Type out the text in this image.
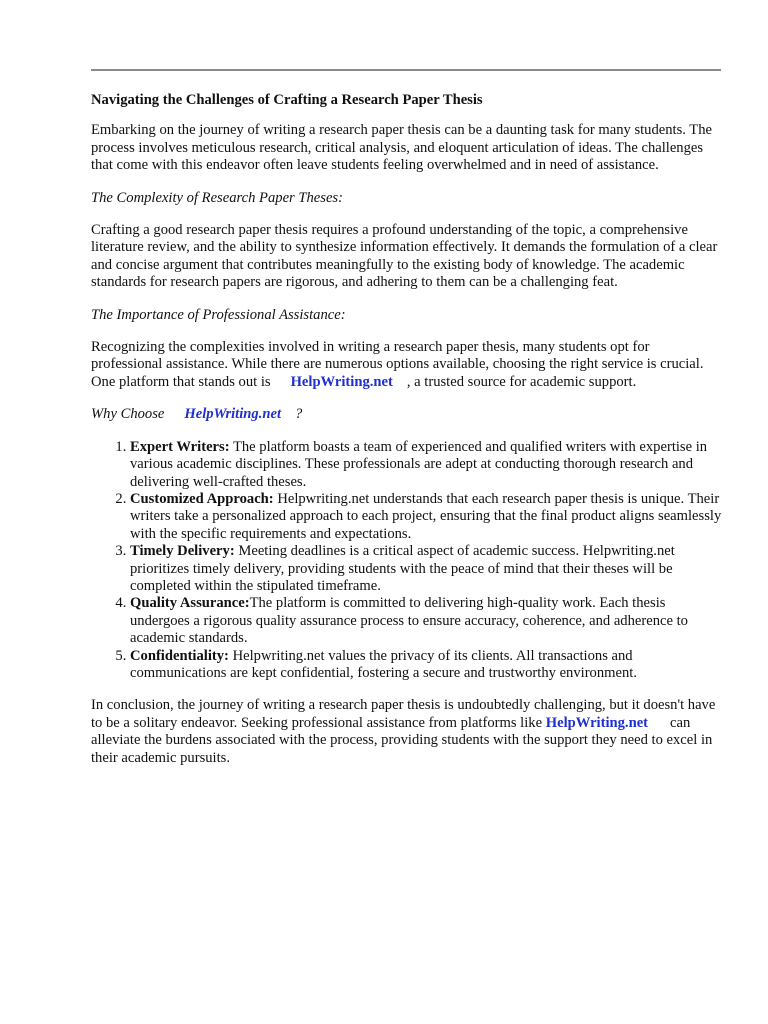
Navigating the Challenges of Crafting a Research Paper Thesis

Embarking on the journey of writing a research paper thesis can be a daunting task for many students. The process involves meticulous research, critical analysis, and eloquent articulation of ideas. The challenges that come with this endeavor often leave students feeling overwhelmed and in need of assistance.

The Complexity of Research Paper Theses:

Crafting a good research paper thesis requires a profound understanding of the topic, a comprehensive literature review, and the ability to synthesize information effectively. It demands the formulation of a clear and concise argument that contributes meaningfully to the existing body of knowledge. The academic standards for research papers are rigorous, and adhering to them can be a challenging feat.

The Importance of Professional Assistance:

Recognizing the complexities involved in writing a research paper thesis, many students opt for professional assistance. While there are numerous options available, choosing the right service is crucial. One platform that stands out is HelpWriting.net , a trusted source for academic support.

Why Choose HelpWriting.net ?

1. Expert Writers: The platform boasts a team of experienced and qualified writers with expertise in various academic disciplines. These professionals are adept at conducting thorough research and delivering well-crafted theses.
2. Customized Approach: Helpwriting.net understands that each research paper thesis is unique. Their writers take a personalized approach to each project, ensuring that the final product aligns seamlessly with the specific requirements and expectations.
3. Timely Delivery: Meeting deadlines is a critical aspect of academic success. Helpwriting.net prioritizes timely delivery, providing students with the peace of mind that their theses will be completed within the stipulated timeframe.
4. Quality Assurance:The platform is committed to delivering high-quality work. Each thesis undergoes a rigorous quality assurance process to ensure accuracy, coherence, and adherence to academic standards.
5. Confidentiality: Helpwriting.net values the privacy of its clients. All transactions and communications are kept confidential, fostering a secure and trustworthy environment.

In conclusion, the journey of writing a research paper thesis is undoubtedly challenging, but it doesn't have to be a solitary endeavor. Seeking professional assistance from platforms like HelpWriting.net can alleviate the burdens associated with the process, providing students with the support they need to excel in their academic pursuits.
